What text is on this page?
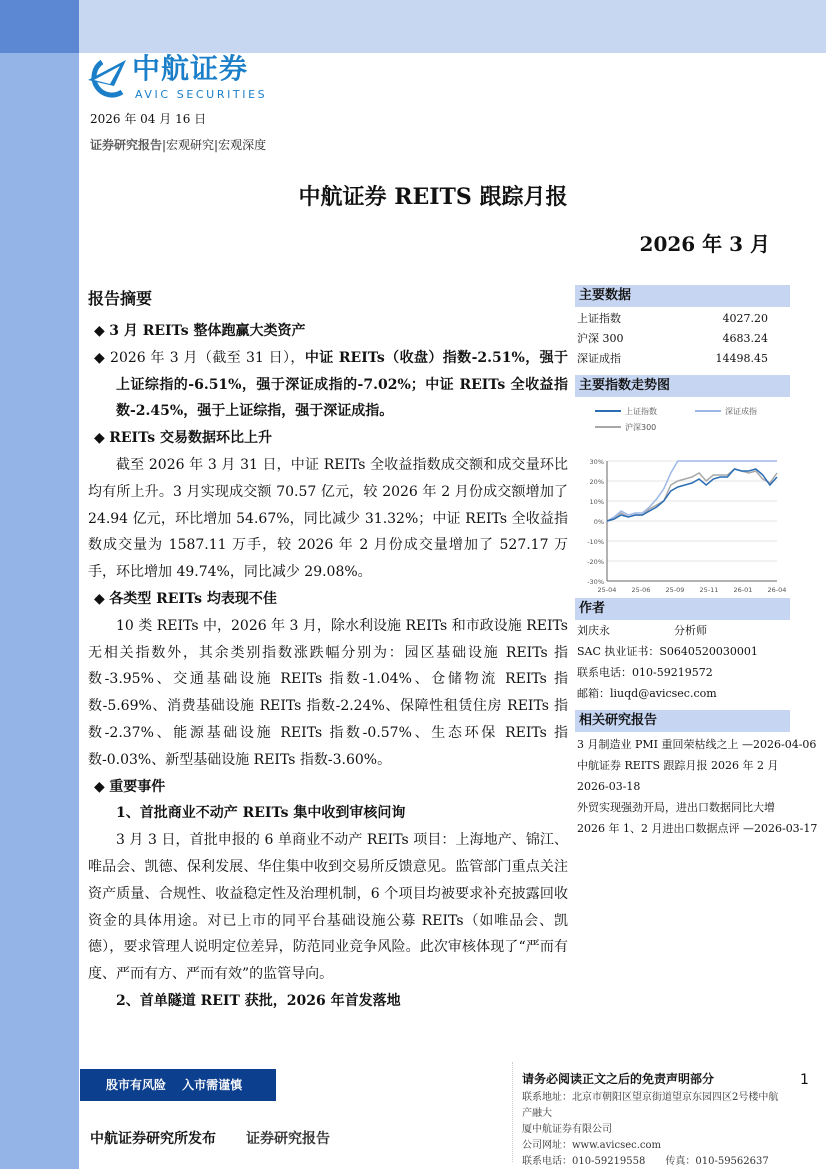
中航证券
AVIC SECURITIES
2026 年 04 月 16 日
证券研究报告|宏观研究|宏观深度
中航证券 REITS 跟踪月报
2026 年 3 月
报告摘要
◆ 3 月 REITs 整体跑赢大类资产
◆ 2026 年 3 月（截至 31 日），中证 REITs（收盘）指数-2.51%，强于上证综指的-6.51%，强于深证成指的-7.02%；中证 REITs 全收益指数-2.45%，强于上证综指，强于深证成指。
◆ REITs 交易数据环比上升
截至 2026 年 3 月 31 日，中证 REITs 全收益指数成交额和成交量环比均有所上升。3 月实现成交额 70.57 亿元，较 2026 年 2 月份成交额增加了 24.94 亿元，环比增加 54.67%，同比减少 31.32%；中证 REITs 全收益指数成交量为 1587.11 万手，较 2026 年 2 月份成交量增加了 527.17 万手，环比增加 49.74%，同比减少 29.08%。
◆ 各类型 REITs 均表现不佳
10 类 REITs 中，2026 年 3 月，除水利设施 REITs 和市政设施 REITs 无相关指数外，其余类别指数涨跌幅分别为：园区基础设施 REITs 指数-3.95%、交通基础设施 REITs 指数-1.04%、仓储物流 REITs 指数-5.69%、消费基础设施 REITs 指数-2.24%、保障性租赁住房 REITs 指数-2.37%、能源基础设施 REITs 指数-0.57%、生态环保 REITs 指数-0.03%、新型基础设施 REITs 指数-3.60%。
◆ 重要事件
1、首批商业不动产 REITs 集中收到审核问询
3 月 3 日，首批申报的 6 单商业不动产 REITs 项目：上海地产、锦江、唯品会、凯德、保利发展、华住集中收到交易所反馈意见。监管部门重点关注资产质量、合规性、收益稳定性及治理机制，6 个项目均被要求补充披露回收资金的具体用途。对已上市的同平台基础设施公募 REITs（如唯品会、凯德），要求管理人说明定位差异，防范同业竞争风险。此次审核体现了“严而有度、严而有方、严而有效”的监管导向。
2、首单隧道 REIT 获批，2026 年首发落地
主要数据
上证指数	4027.20
沪深 300	4683.24
深证成指	14498.45
主要指数走势图
上证指数	深证成指
沪深300
30%
20%
10%
0%
-10%
-20%
-30%
25-04 25-06 25-09 25-11 26-01 26-04
作者
刘庆永	分析师
SAC 执业证书：S0640520030001
联系电话：010-59219572
邮箱：liuqd@avicsec.com
相关研究报告
3 月制造业 PMI 重回荣枯线之上 —2026-04-06
中航证券 REITS 跟踪月报 2026 年 2 月
2026-03-18
外贸实现强劲开局，进出口数据同比大增
2026 年 1、2 月进出口数据点评 —2026-03-17
股市有风险 入市需谨慎
中航证券研究所发布 证券研究报告
请务必阅读正文之后的免责声明部分
联系地址：北京市朝阳区望京街道望京东园四区2号楼中航产融大
厦中航证券有限公司
公司网址：www.avicsec.com
联系电话：010-59219558　　传真：010-59562637
1
